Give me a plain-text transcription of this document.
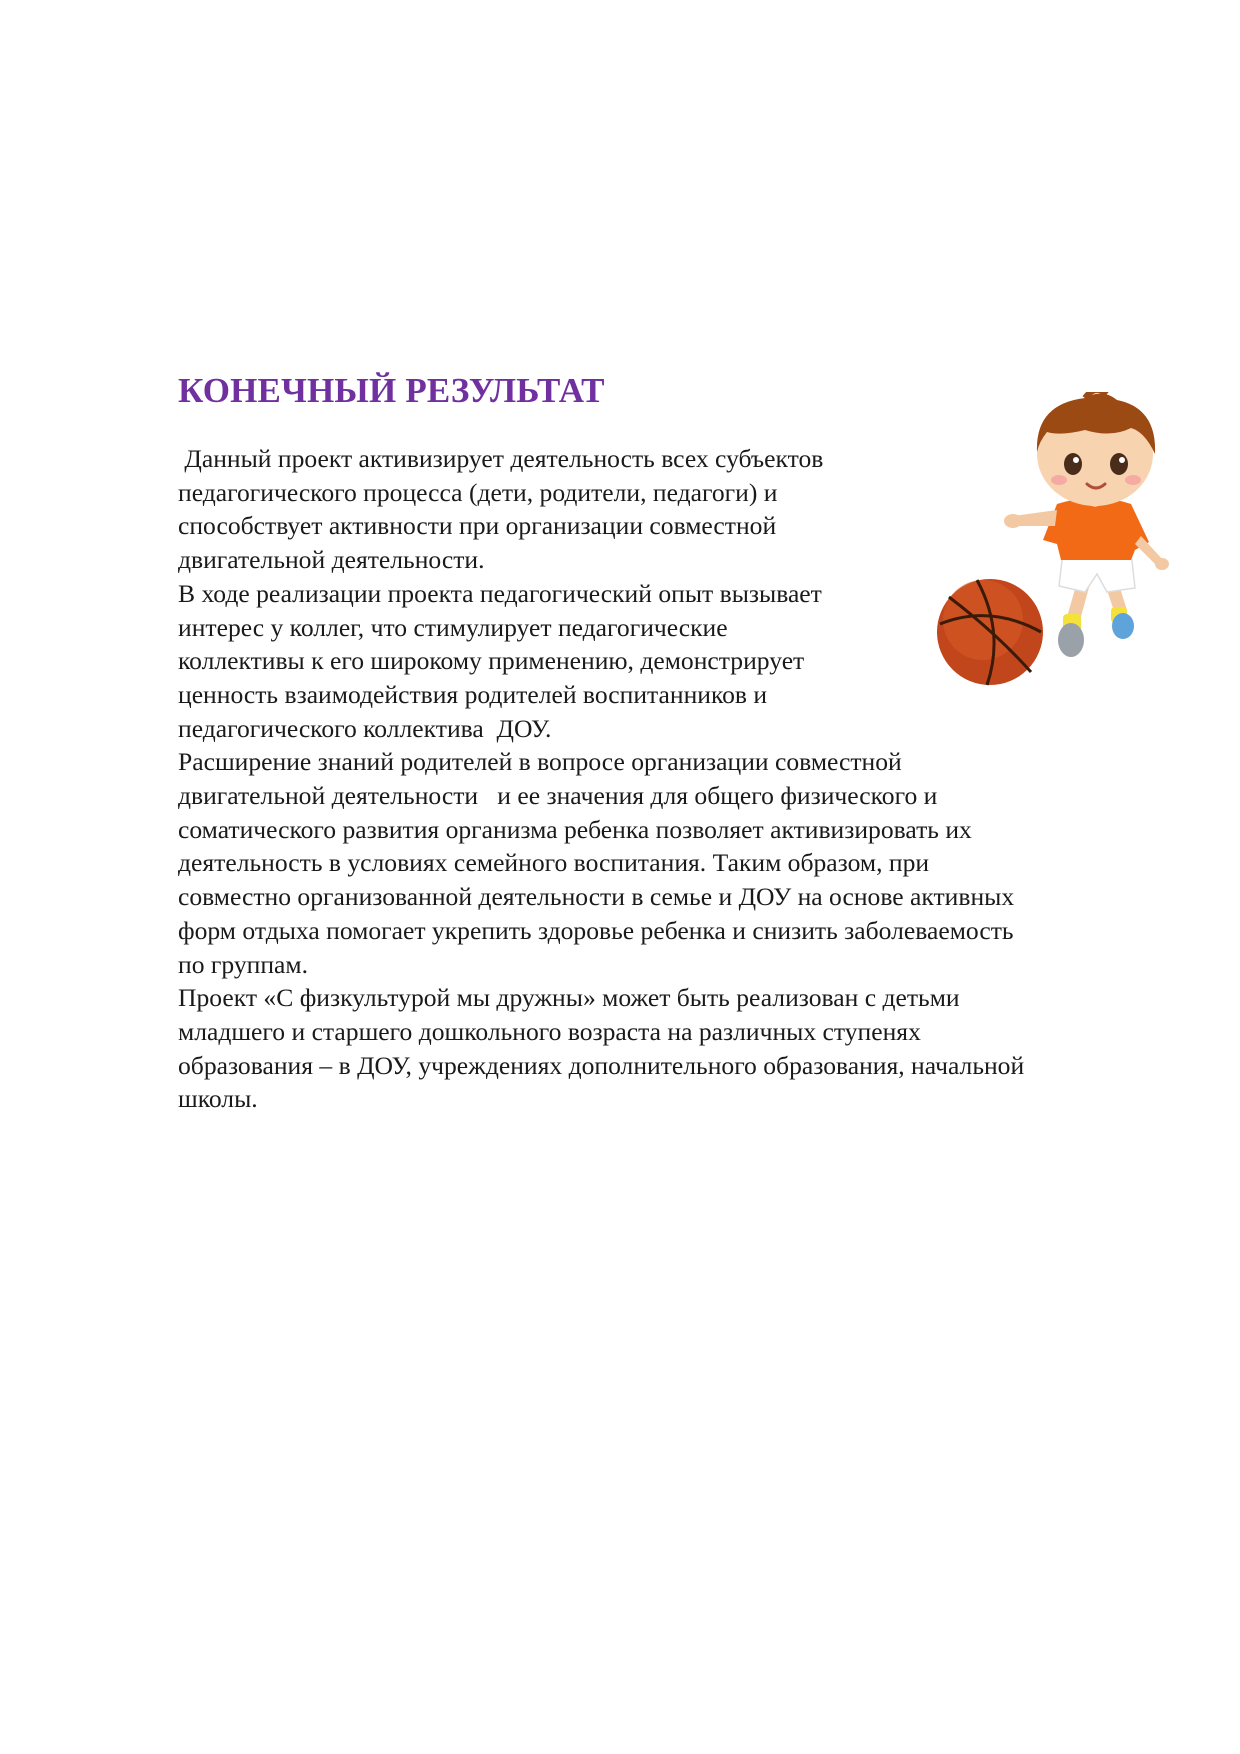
КОНЕЧНЫЙ РЕЗУЛЬТАТ
Данный проект активизирует деятельность всех субъектов
педагогического процесса (дети, родители, педагоги) и
способствует активности при организации совместной
двигательной деятельности.
В ходе реализации проекта педагогический опыт вызывает
интерес у коллег, что стимулирует педагогические
коллективы к его широкому применению, демонстрирует
ценность взаимодействия родителей воспитанников и
педагогического коллектива  ДОУ.
Расширение знаний родителей в вопросе организации совместной
двигательной деятельности   и ее значения для общего физического и
соматического развития организма ребенка позволяет активизировать их
деятельность в условиях семейного воспитания. Таким образом, при
совместно организованной деятельности в семье и ДОУ на основе активных
форм отдыха помогает укрепить здоровье ребенка и снизить заболеваемость
по группам.
Проект «С физкультурой мы дружны» может быть реализован с детьми
младшего и старшего дошкольного возраста на различных ступенях
образования – в ДОУ, учреждениях дополнительного образования, начальной
школы.
